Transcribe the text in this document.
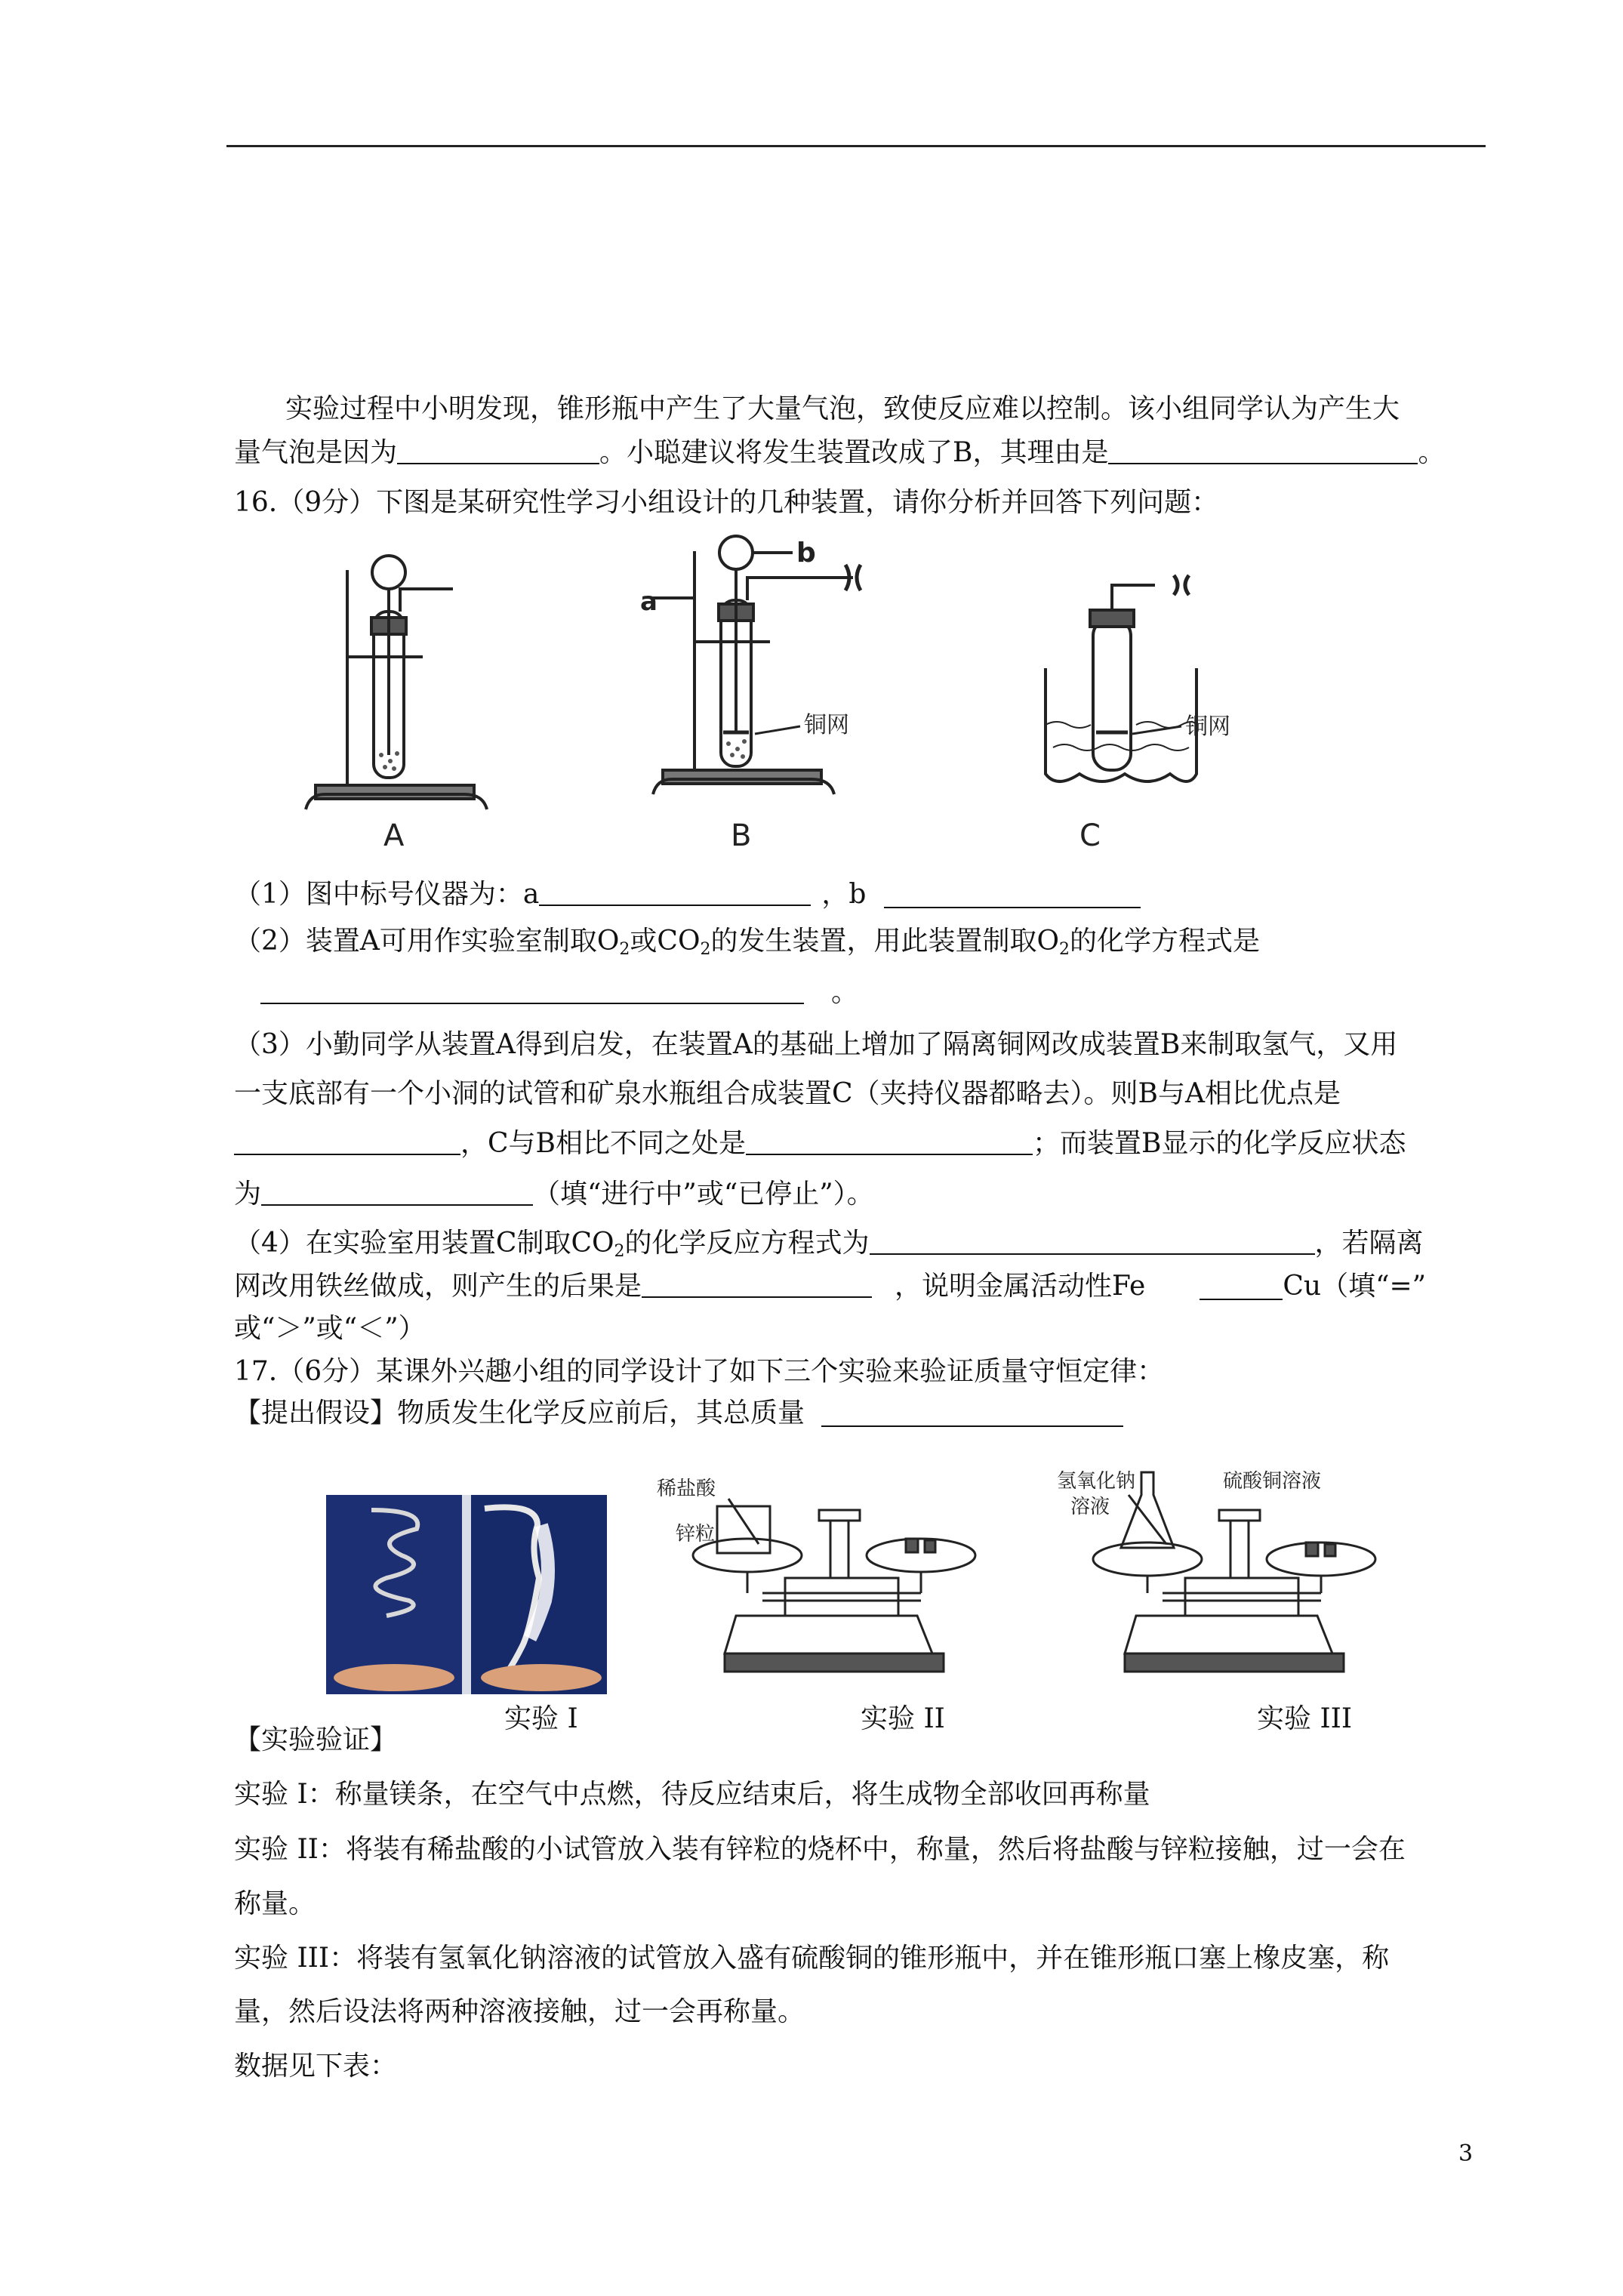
实验过程中小明发现，锥形瓶中产生了大量气泡，致使反应难以控制。该小组同学认为产生大
量气泡是因为	。小聪建议将发生装置改成了B，其理由是	。
16.（9分）下图是某研究性学习小组设计的几种装置，请你分析并回答下列问题：
A
a
b
铜网
B
铜网
C
（1）图中标号仪器为：a	，b
（2）装置A可用作实验室制取$O_2$或$CO_2$的发生装置，用此装置制取$O_2$的化学方程式是
。
（3）小勤同学从装置A得到启发，在装置A的基础上增加了隔离铜网改成装置B来制取氢气，又用
一支底部有一个小洞的试管和矿泉水瓶组合成装置C（夹持仪器都略去）。则B与A相比优点是
，C与B相比不同之处是	；而装置B显示的化学反应状态
为	（填“进行中”或“已停止”）。
（4）在实验室用装置C制取$CO_2$的化学反应方程式为	，若隔离
网改用铁丝做成，则产生的后果是	，说明金属活动性Fe	Cu（填“=”
或“＞”或“＜”）
17.（6分）某课外兴趣小组的同学设计了如下三个实验来验证质量守恒定律：
【提出假设】物质发生化学反应前后，其总质量
稀盐酸
锌粒
氢氧化钠
溶液
硫酸铜溶液
实验 I	实验 II	实验 III
【实验验证】
实验 I：称量镁条，在空气中点燃，待反应结束后，将生成物全部收回再称量
实验 II：将装有稀盐酸的小试管放入装有锌粒的烧杯中，称量，然后将盐酸与锌粒接触，过一会在
称量。
实验 III：将装有氢氧化钠溶液的试管放入盛有硫酸铜的锥形瓶中，并在锥形瓶口塞上橡皮塞，称
量，然后设法将两种溶液接触，过一会再称量。
数据见下表：
3
